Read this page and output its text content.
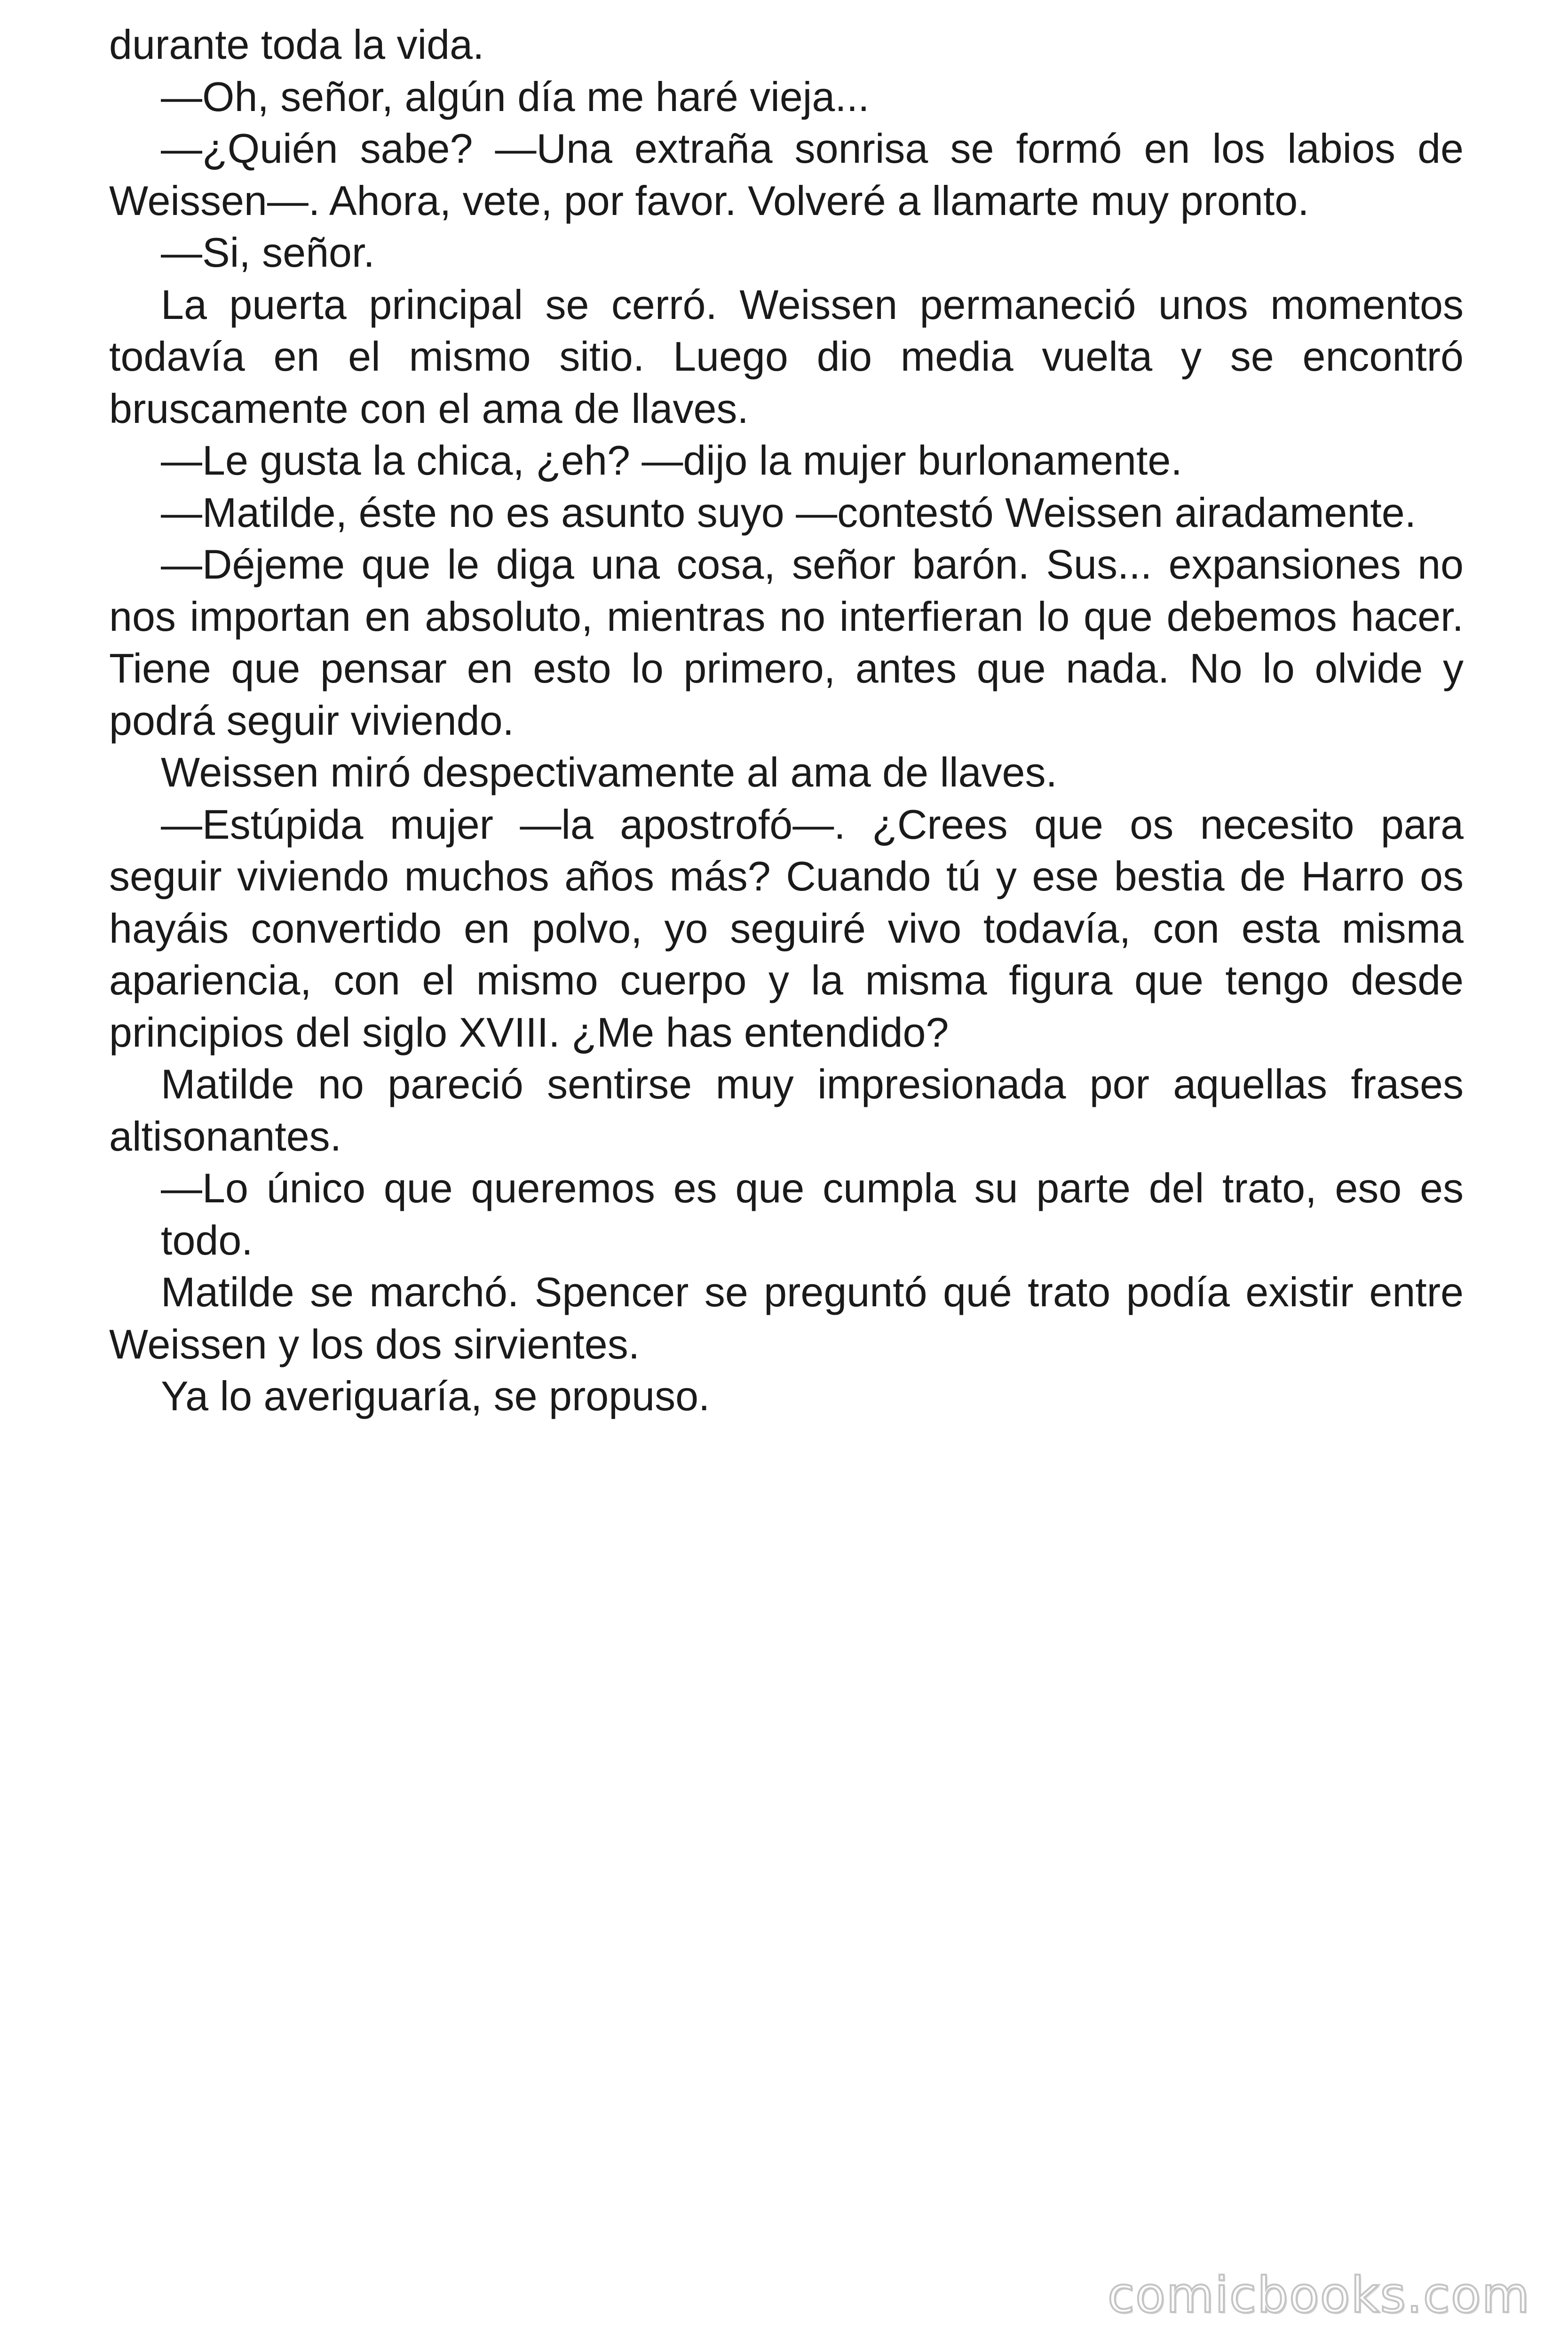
durante toda la vida.

—Oh, señor, algún día me haré vieja...

—¿Quién sabe? —Una extraña sonrisa se formó en los labios de Weissen—. Ahora, vete, por favor. Volveré a llamarte muy pronto.

—Si, señor.

La puerta principal se cerró. Weissen permaneció unos momentos todavía en el mismo sitio. Luego dio media vuelta y se encontró bruscamente con el ama de llaves.

—Le gusta la chica, ¿eh? —dijo la mujer burlonamente.

—Matilde, éste no es asunto suyo —contestó Weissen airadamente.

—Déjeme que le diga una cosa, señor barón. Sus... expansiones no nos importan en absoluto, mientras no interfieran lo que debemos hacer. Tiene que pensar en esto lo primero, antes que nada. No lo olvide y podrá seguir viviendo.

Weissen miró despectivamente al ama de llaves.

—Estúpida mujer —la apostrofó—. ¿Crees que os necesito para seguir viviendo muchos años más? Cuando tú y ese bestia de Harro os hayáis convertido en polvo, yo seguiré vivo todavía, con esta misma apariencia, con el mismo cuerpo y la misma figura que tengo desde principios del siglo XVIII. ¿Me has entendido?

Matilde no pareció sentirse muy impresionada por aquellas frases altisonantes.

—Lo único que queremos es que cumpla su parte del trato, eso es todo.

Matilde se marchó. Spencer se preguntó qué trato podía existir entre Weissen y los dos sirvientes.

Ya lo averiguaría, se propuso.

comicbooks.com
